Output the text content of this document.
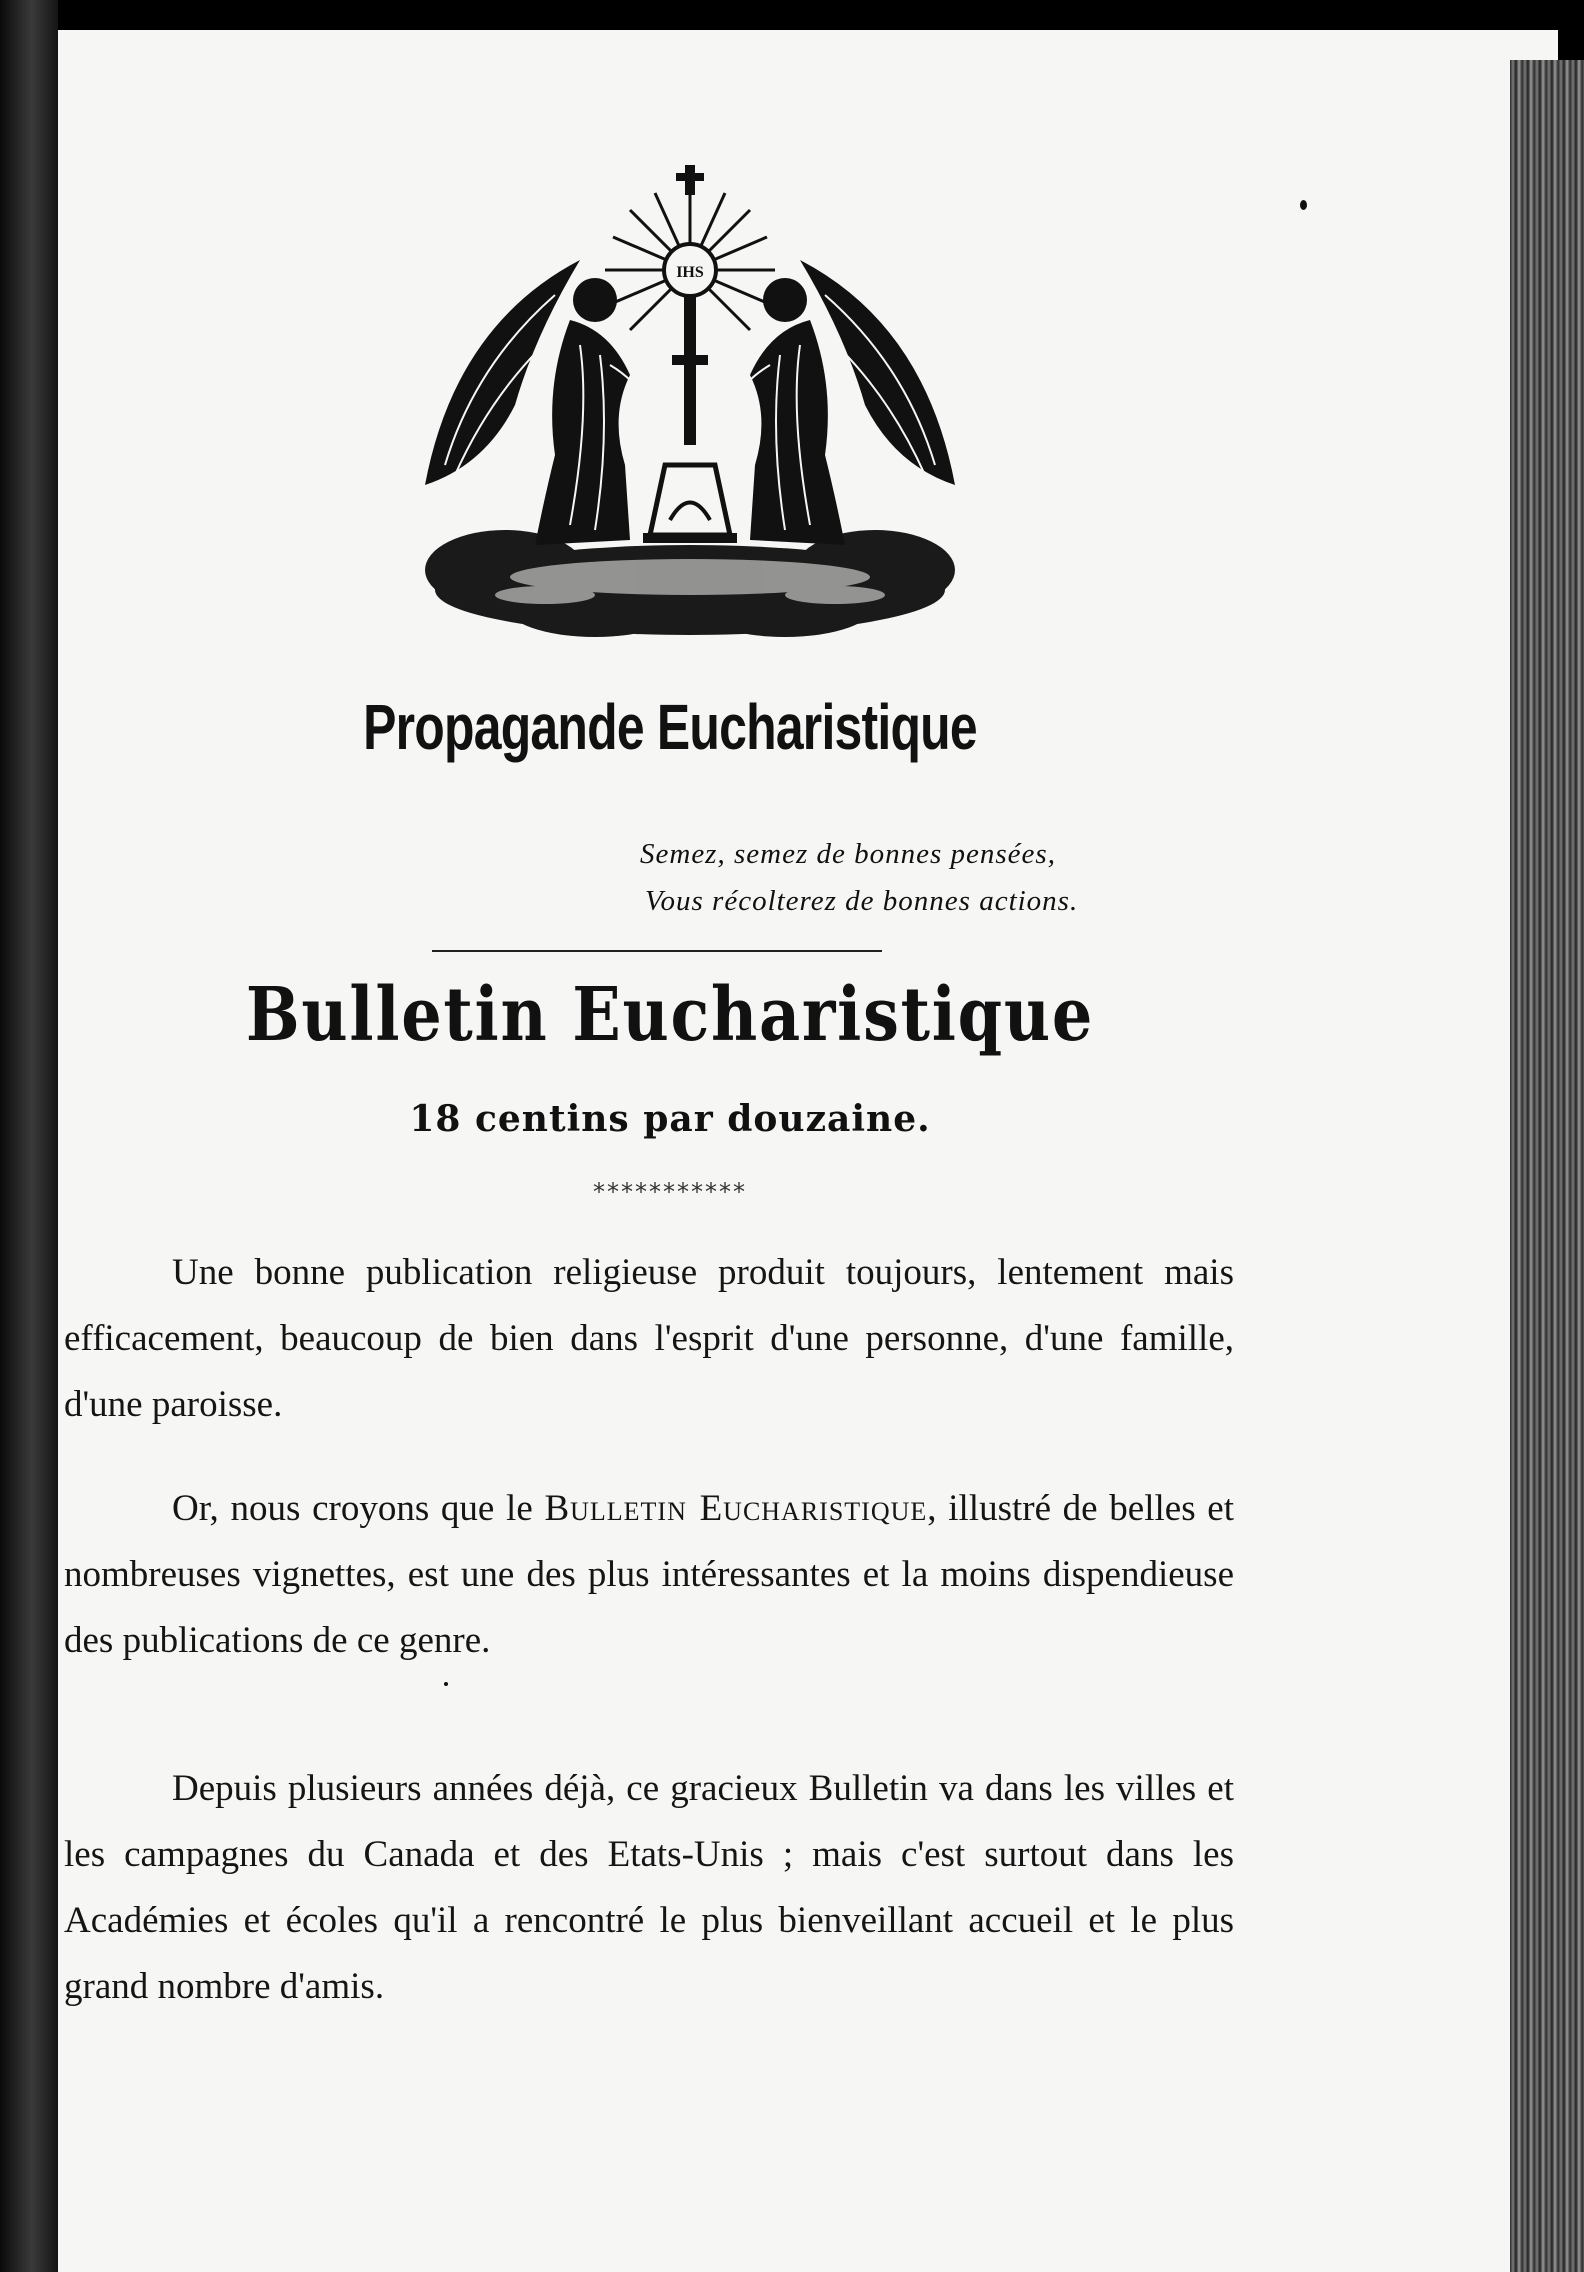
IHS
Propagande Eucharistique
Semez, semez de bonnes pensées,
Vous récolterez de bonnes actions.
Bulletin Eucharistique
18 centins par douzaine.
***********
Une bonne publication religieuse produit toujours, lentement mais efficacement, beaucoup de bien dans l'esprit d'une personne, d'une famille, d'une paroisse.
Or, nous croyons que le Bulletin Eucharistique, illustré de belles et nombreuses vignettes, est une des plus intéressantes et la moins dispendieuse des publications de ce genre.
Depuis plusieurs années déjà, ce gracieux Bulletin va dans les villes et les campagnes du Canada et des Etats-Unis ; mais c'est surtout dans les Académies et écoles qu'il a rencontré le plus bienveillant accueil et le plus grand nombre d'amis.
